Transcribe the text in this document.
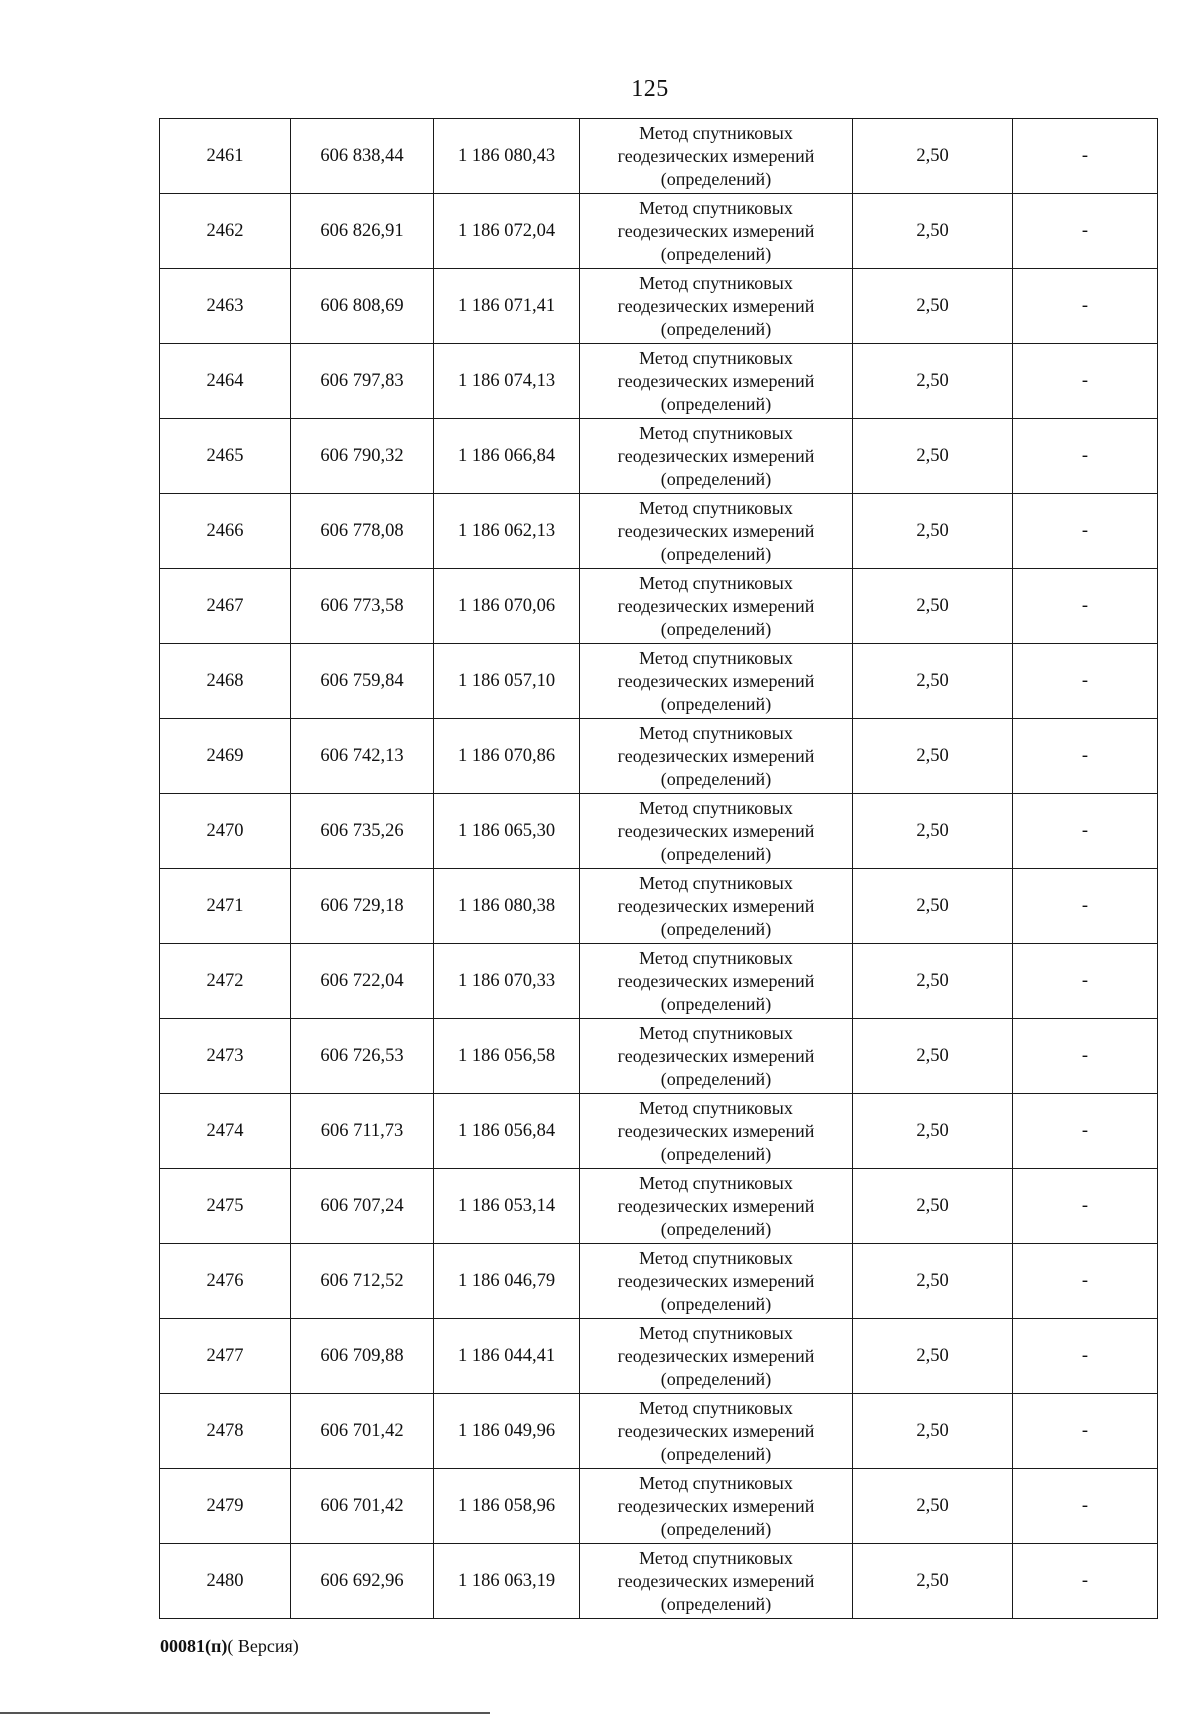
125
2461	606 838,44	1 186 080,43	Метод спутниковых
геодезических измерений
(определений)	2,50	-
2462	606 826,91	1 186 072,04	Метод спутниковых
геодезических измерений
(определений)	2,50	-
2463	606 808,69	1 186 071,41	Метод спутниковых
геодезических измерений
(определений)	2,50	-
2464	606 797,83	1 186 074,13	Метод спутниковых
геодезических измерений
(определений)	2,50	-
2465	606 790,32	1 186 066,84	Метод спутниковых
геодезических измерений
(определений)	2,50	-
2466	606 778,08	1 186 062,13	Метод спутниковых
геодезических измерений
(определений)	2,50	-
2467	606 773,58	1 186 070,06	Метод спутниковых
геодезических измерений
(определений)	2,50	-
2468	606 759,84	1 186 057,10	Метод спутниковых
геодезических измерений
(определений)	2,50	-
2469	606 742,13	1 186 070,86	Метод спутниковых
геодезических измерений
(определений)	2,50	-
2470	606 735,26	1 186 065,30	Метод спутниковых
геодезических измерений
(определений)	2,50	-
2471	606 729,18	1 186 080,38	Метод спутниковых
геодезических измерений
(определений)	2,50	-
2472	606 722,04	1 186 070,33	Метод спутниковых
геодезических измерений
(определений)	2,50	-
2473	606 726,53	1 186 056,58	Метод спутниковых
геодезических измерений
(определений)	2,50	-
2474	606 711,73	1 186 056,84	Метод спутниковых
геодезических измерений
(определений)	2,50	-
2475	606 707,24	1 186 053,14	Метод спутниковых
геодезических измерений
(определений)	2,50	-
2476	606 712,52	1 186 046,79	Метод спутниковых
геодезических измерений
(определений)	2,50	-
2477	606 709,88	1 186 044,41	Метод спутниковых
геодезических измерений
(определений)	2,50	-
2478	606 701,42	1 186 049,96	Метод спутниковых
геодезических измерений
(определений)	2,50	-
2479	606 701,42	1 186 058,96	Метод спутниковых
геодезических измерений
(определений)	2,50	-
2480	606 692,96	1 186 063,19	Метод спутниковых
геодезических измерений
(определений)	2,50	-
00081(п)( Версия)
